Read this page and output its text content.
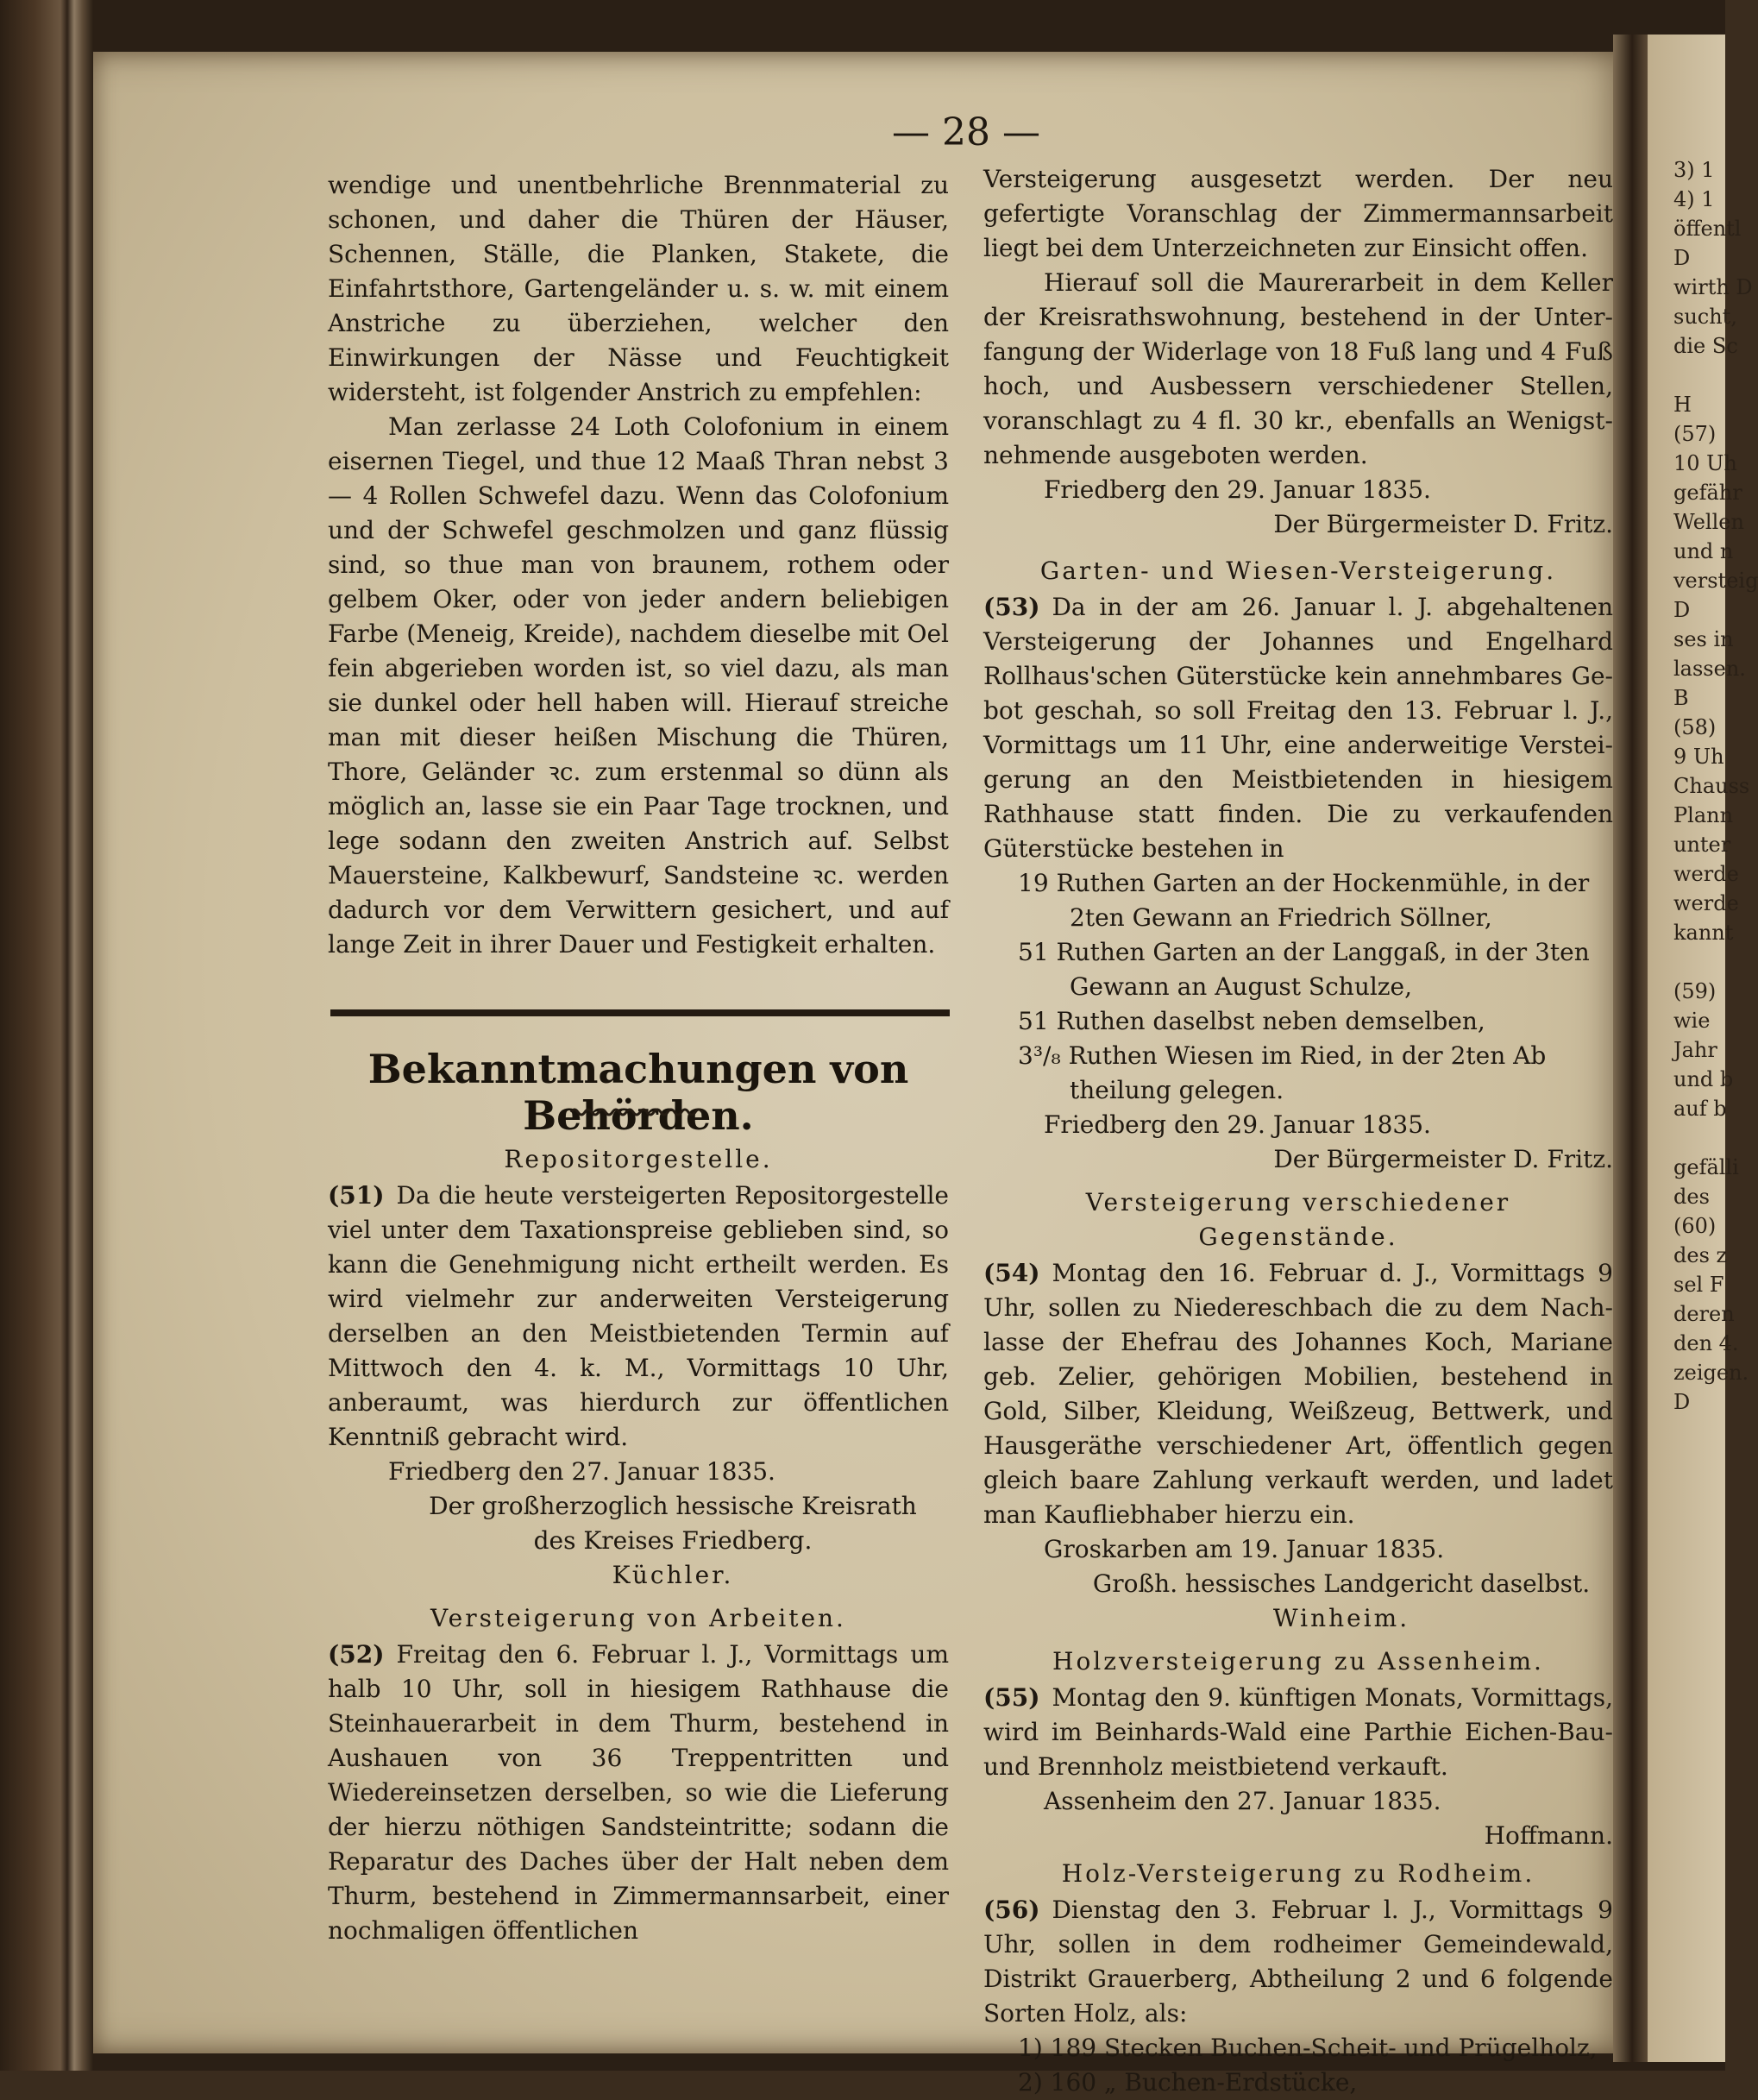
3) 1

4) 1

öffentl

D

wirth D

sucht,

die Sc

H

(57)

10 Uh

gefähr

Wellen

und n

versteig

D

ses in

lassen.

B

(58)

9 Uh

Chauss

Plann

unter

werde

werde

kannt

(59)

wie

Jahr

und b

auf b

gefälli

des

(60)

des z

sel F

deren

den 4.

zeigen.

D

— 28 —

wendige und unentbehrliche Brennmaterial zu schonen, und daher die Thüren der Häuser, Schennen, Ställe, die Planken, Stakete, die Einfahrtsthore, Gartengeländer u. s. w. mit einem Anstriche zu überziehen, welcher den Einwirkungen der Nässe und Feuchtigkeit widersteht, ist folgender Anstrich zu empfehlen:

Man zerlasse 24 Loth Colofonium in einem eisernen Tiegel, und thue 12 Maaß Thran nebst 3 — 4 Rollen Schwefel dazu. Wenn das Colofonium und der Schwefel geschmolzen und ganz flüssig sind, so thue man von braunem, rothem oder gelbem Oker, oder von jeder andern beliebigen Farbe (Meneig, Kreide), nachdem dieselbe mit Oel fein abgerieben worden ist, so viel dazu, als man sie dunkel oder hell haben will. Hierauf streiche man mit dieser heißen Mischung die Thüren, Thore, Geländer ꝛc. zum erstenmal so dünn als möglich an, lasse sie ein Paar Tage trocknen, und lege sodann den zweiten Anstrich auf. Selbst Mauersteine, Kalkbewurf, Sandsteine ꝛc. werden dadurch vor dem Verwittern gesichert, und auf lange Zeit in ihrer Dauer und Festigkeit erhalten.

Bekanntmachungen von Behörden.

Repositorgestelle.

(51) Da die heute versteigerten Repositorgestelle viel unter dem Taxationspreise geblieben sind, so kann die Genehmigung nicht ertheilt werden. Es wird vielmehr zur anderweiten Versteigerung derselben an den Meistbietenden Termin auf Mittwoch den 4. k. M., Vormittags 10 Uhr, anberaumt, was hierdurch zur öffentlichen Kenntniß gebracht wird.

Friedberg den 27. Januar 1835.

Der großherzoglich hessische Kreisrath

des Kreises Friedberg.

Küchler.

Versteigerung von Arbeiten.

(52) Freitag den 6. Februar l. J., Vormittags um halb 10 Uhr, soll in hiesigem Rathhause die Steinhauerarbeit in dem Thurm, bestehend in Aushauen von 36 Treppentritten und Wiedereinsetzen derselben, so wie die Lieferung der hierzu nöthigen Sandsteintritte; sodann die Reparatur des Daches über der Halt neben dem Thurm, bestehend in Zimmermannsarbeit, einer nochmaligen öffentlichen

Versteigerung ausgesetzt werden. Der neu gefertigte Voranschlag der Zimmermannsarbeit liegt bei dem Unterzeichneten zur Einsicht offen.

Hierauf soll die Maurerarbeit in dem Keller der Kreisrathswohnung, bestehend in der Unterfangung der Widerlage von 18 Fuß lang und 4 Fuß hoch, und Ausbessern verschiedener Stellen, voranschlagt zu 4 fl. 30 kr., ebenfalls an Wenigstnehmende ausgeboten werden.

Friedberg den 29. Januar 1835.

Der Bürgermeister D. Fritz.

Garten- und Wiesen-Versteigerung.

(53) Da in der am 26. Januar l. J. abgehaltenen Versteigerung der Johannes und Engelhard Rollhaus'schen Güterstücke kein annehmbares Gebot geschah, so soll Freitag den 13. Februar l. J., Vormittags um 11 Uhr, eine anderweitige Versteigerung an den Meistbietenden in hiesigem Rathhause statt finden. Die zu verkaufenden Güterstücke bestehen in

19 Ruthen Garten an der Hockenmühle, in der

2ten Gewann an Friedrich Söllner,

51 Ruthen Garten an der Langgaß, in der 3ten

Gewann an August Schulze,

51 Ruthen daselbst neben demselben,

3³/₈ Ruthen Wiesen im Ried, in der 2ten Ab

theilung gelegen.

Friedberg den 29. Januar 1835.

Der Bürgermeister D. Fritz.

Versteigerung verschiedener Gegenstände.

(54) Montag den 16. Februar d. J., Vormittags 9 Uhr, sollen zu Niedereschbach die zu dem Nachlasse der Ehefrau des Johannes Koch, Mariane geb. Zelier, gehörigen Mobilien, bestehend in Gold, Silber, Kleidung, Weißzeug, Bettwerk, und Hausgeräthe verschiedener Art, öffentlich gegen gleich baare Zahlung verkauft werden, und ladet man Kaufliebhaber hierzu ein.

Groskarben am 19. Januar 1835.

Großh. hessisches Landgericht daselbst.

Winheim.

Holzversteigerung zu Assenheim.

(55) Montag den 9. künftigen Monats, Vormittags, wird im Beinhards-Wald eine Parthie Eichen-Bau- und Brennholz meistbietend verkauft.

Assenheim den 27. Januar 1835.

Hoffmann.

Holz-Versteigerung zu Rodheim.

(56) Dienstag den 3. Februar l. J., Vormittags 9 Uhr, sollen in dem rodheimer Gemeindewald, Distrikt Grauerberg, Abtheilung 2 und 6 folgende Sorten Holz, als:

1) 189 Stecken Buchen-Scheit- und Prügelholz,

2) 160 „ Buchen-Erdstücke,
